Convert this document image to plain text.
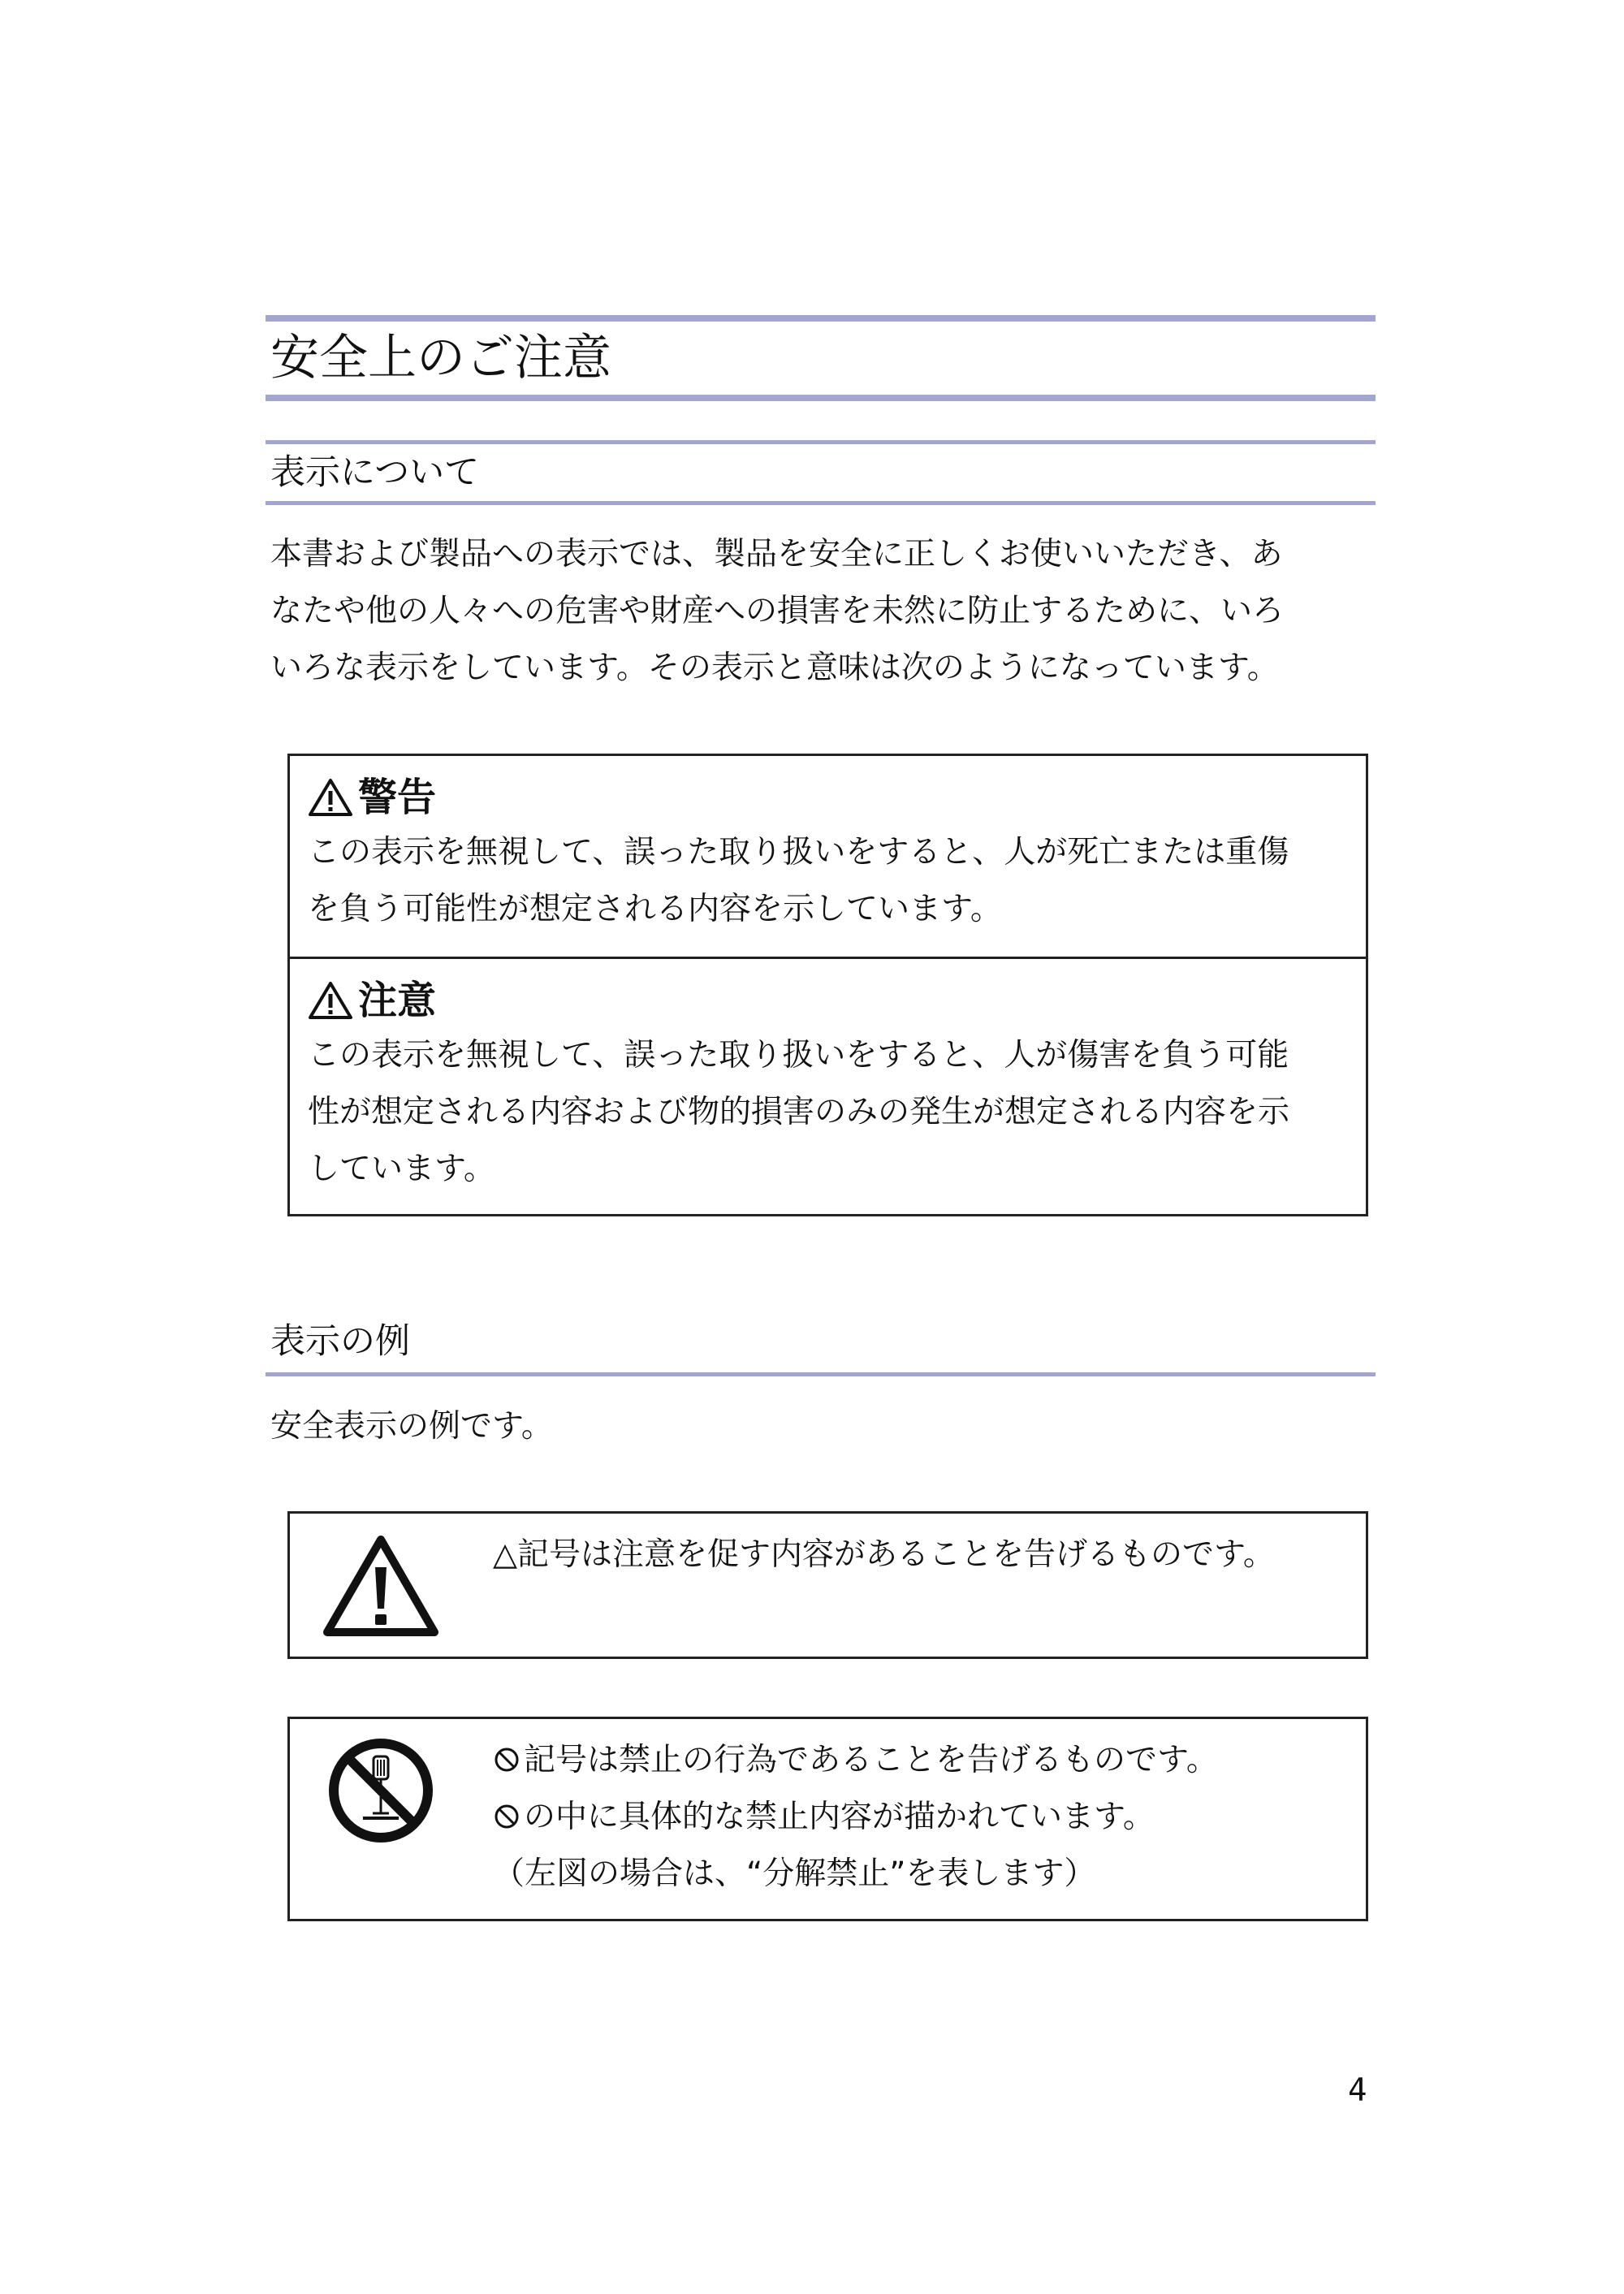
安全上のご注意
表示について
本書および製品への表示では、製品を安全に正しくお使いいただき、あ
なたや他の人々への危害や財産への損害を未然に防止するために、いろ
いろな表示をしています。その表示と意味は次のようになっています。
警告
この表示を無視して、誤った取り扱いをすると、人が死亡または重傷
を負う可能性が想定される内容を示しています。
注意
この表示を無視して、誤った取り扱いをすると、人が傷害を負う可能
性が想定される内容および物的損害のみの発生が想定される内容を示
しています。
表示の例
安全表示の例です。
△記号は注意を促す内容があることを告げるものです。
記号は禁止の行為であることを告げるものです。
の中に具体的な禁止内容が描かれています。
（左図の場合は、“分解禁止”を表します）
4
